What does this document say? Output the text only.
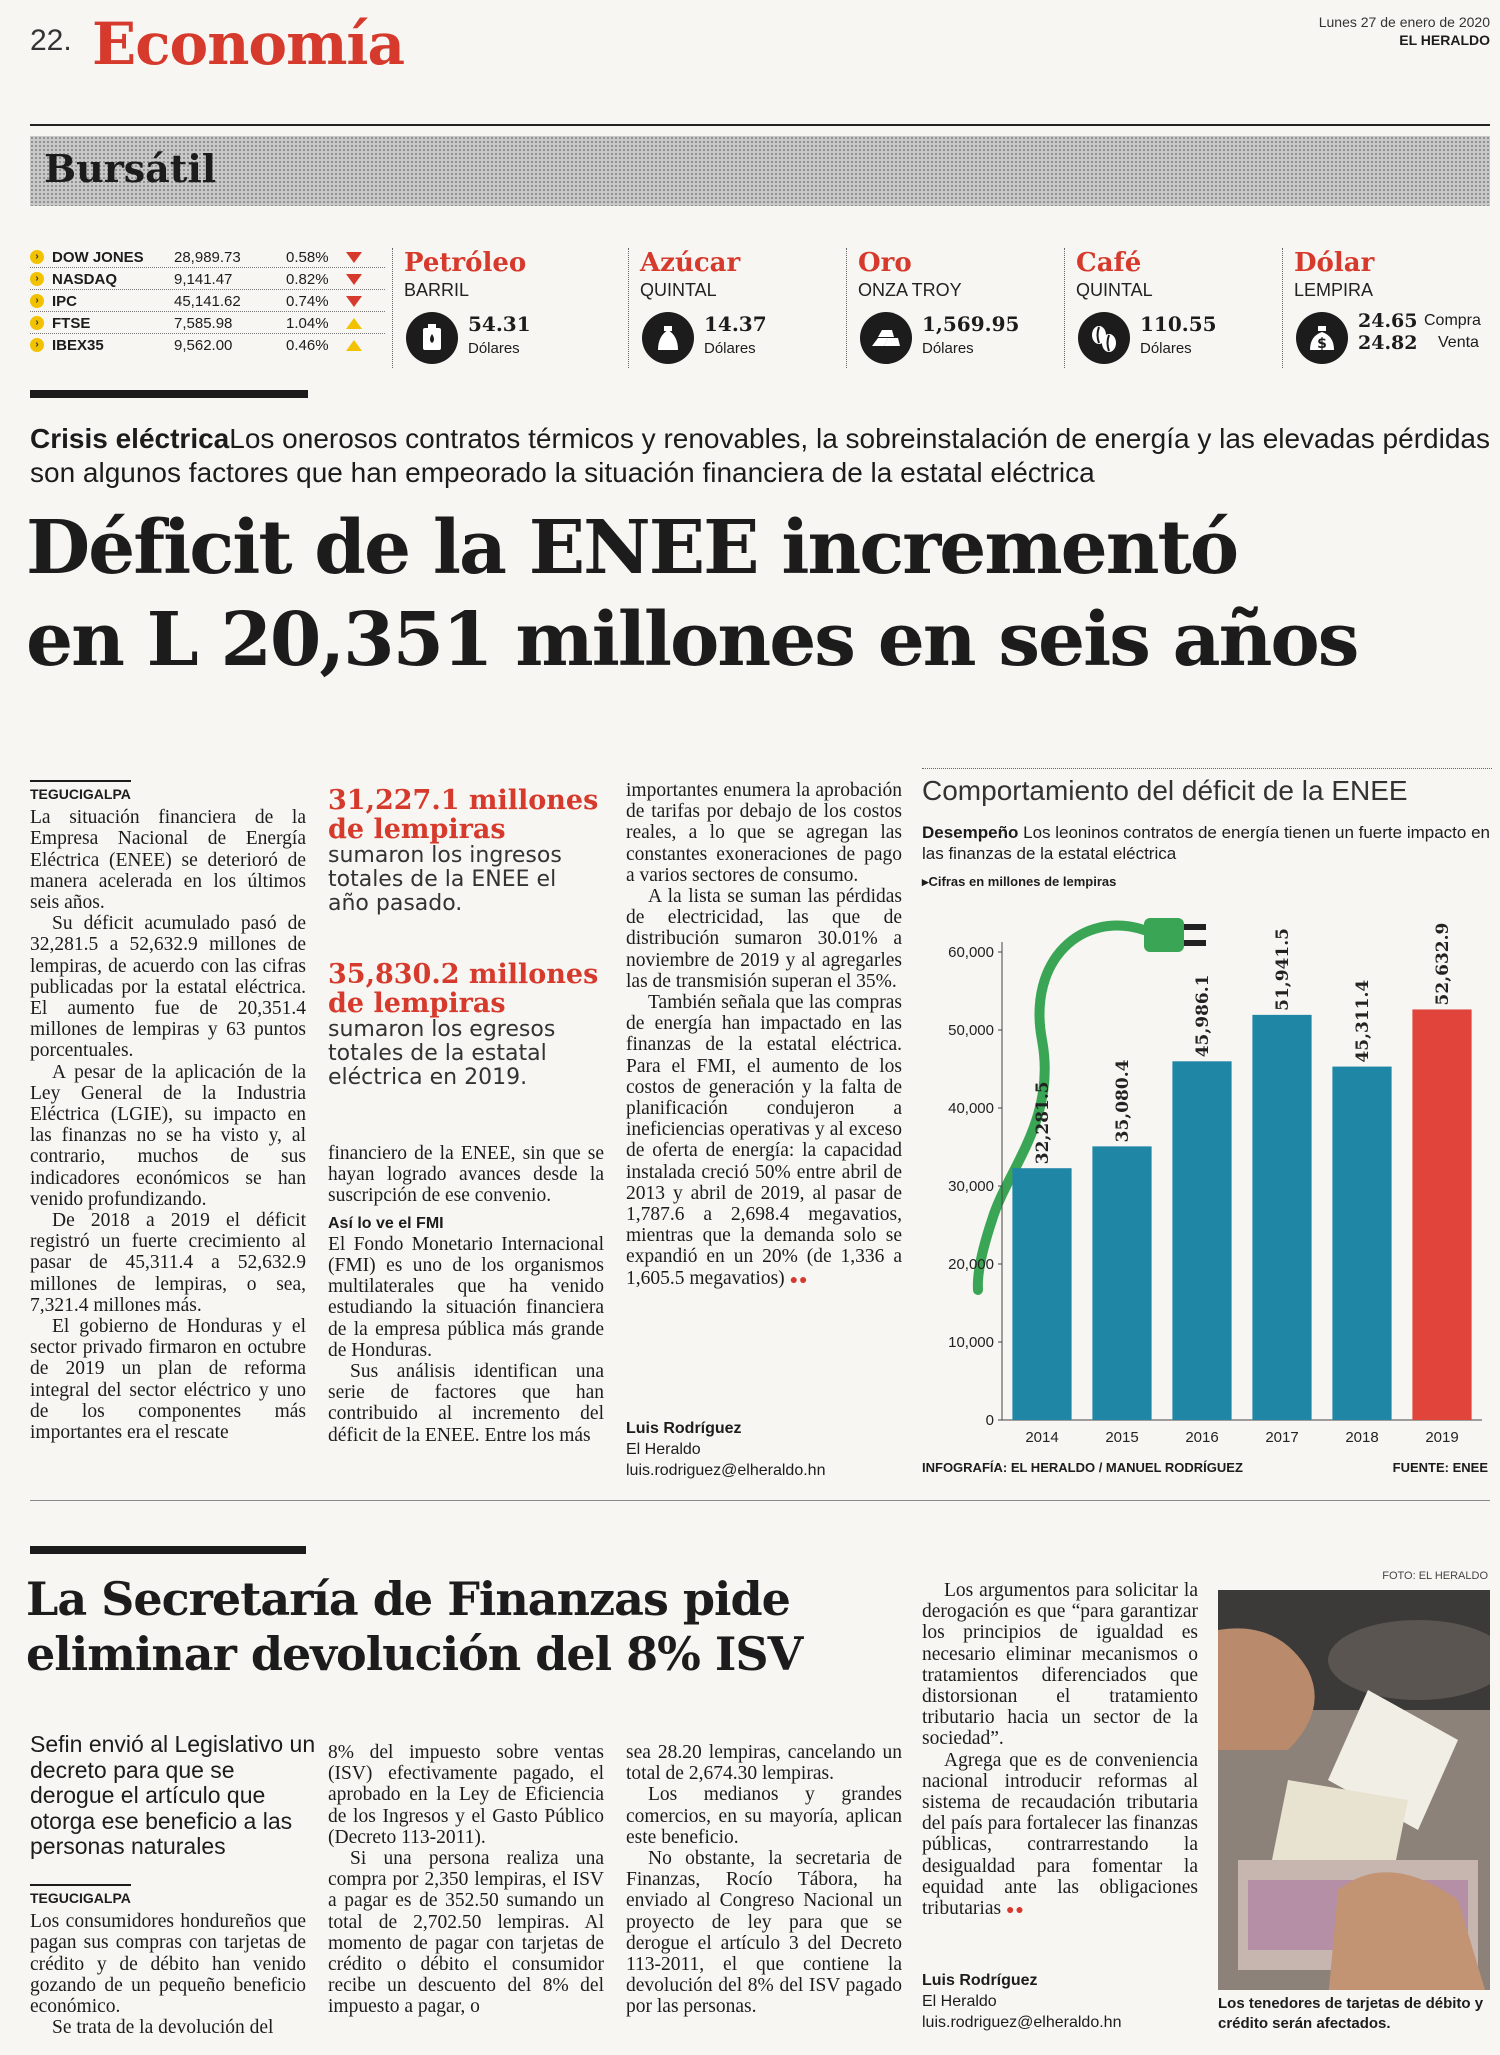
22. Economía	Lunes 27 de enero de 2020
EL HERALDO
Bursátil
› DOW JONES	28,989.73	0.58%
› NASDAQ	9,141.47	0.82%
› IPC	45,141.62	0.74%
› FTSE	7,585.98	1.04%
› IBEX35	9,562.00	0.46%
Petróleo
BARRIL
54.31
Dólares
Azúcar
QUINTAL
14.37
Dólares
Oro
ONZA TROY
1,569.95
Dólares
Café
QUINTAL
110.55
Dólares
Dólar
LEMPIRA
$
24.65 Compra
24.82 Venta
Crisis eléctricaLos onerosos contratos térmicos y renovables, la sobreinstalación de energía y las elevadas pérdidas son algunos factores que han empeorado la situación financiera de la estatal eléctrica
Déficit de la ENEE incrementó
en L 20,351 millones en seis años
TEGUCIGALPA

La situación financiera de la Empresa Nacional de Energía Eléctrica (ENEE) se deterioró de manera acelerada en los últimos seis años.

Su déficit acumulado pasó de 32,281.5 a 52,632.9 millones de lempiras, de acuerdo con las cifras publicadas por la estatal eléctrica. El aumento fue de 20,351.4 millones de lempiras y 63 puntos porcentuales.

A pesar de la aplicación de la Ley General de la Industria Eléctrica (LGIE), su impacto en las finanzas no se ha visto y, al contrario, muchos de sus indicadores económicos se han venido profundizando.

De 2018 a 2019 el déficit registró un fuerte crecimiento al pasar de 45,311.4 a 52,632.9 millones de lempiras, o sea, 7,321.4 millones más.

El gobierno de Honduras y el sector privado firmaron en octubre de 2019 un plan de reforma integral del sector eléctrico y uno de los componentes más importantes era el rescate

31,227.1 millones de lempiras
sumaron los ingresos totales de la ENEE el año pasado.
35,830.2 millones de lempiras
sumaron los egresos totales de la estatal eléctrica en 2019.

financiero de la ENEE, sin que se hayan logrado avances desde la suscripción de ese convenio.

Así lo ve el FMI

El Fondo Monetario Internacional (FMI) es uno de los organismos multilaterales que ha venido estudiando la situación financiera de la empresa pública más grande de Honduras.

Sus análisis identifican una serie de factores que han contribuido al incremento del déficit de la ENEE. Entre los más

importantes enumera la aprobación de tarifas por debajo de los costos reales, a lo que se agregan las constantes exoneraciones de pago a varios sectores de consumo.

A la lista se suman las pérdidas de electricidad, las que de distribución sumaron 30.01% a noviembre de 2019 y al agregarles las de transmisión superan el 35%.

También señala que las compras de energía han impactado en las finanzas de la estatal eléctrica. Para el FMI, el aumento de los costos de generación y la falta de planificación condujeron a ineficiencias operativas y al exceso de oferta de energía: la capacidad instalada creció 50% entre abril de 2013 y abril de 2019, al pasar de 1,787.6 a 2,698.4 megavatios, mientras que la demanda solo se expandió en un 20% (de 1,336 a 1,605.5 megavatios) ●●

Luis Rodríguez
El Heraldo
luis.rodriguez@elheraldo.hn
Comportamiento del déficit de la ENEE
Desempeño Los leoninos contratos de energía tienen un fuerte impacto en las finanzas de la estatal eléctrica
▸Cifras en millones de lempiras
0
10,000
20,000
30,000
40,000
50,000
60,000
32,281.5
2014
35,080.4
2015
45,986.1
2016
51,941.5
2017
45,311.4
2018
52,632.9
2019
INFOGRAFÍA: EL HERALDO / MANUEL RODRÍGUEZ	FUENTE: ENEE
La Secretaría de Finanzas pide
eliminar devolución del 8% ISV
Sefin envió al Legislativo un decreto para que se derogue el artículo que otorga ese beneficio a las personas naturales
TEGUCIGALPA

Los consumidores hondureños que pagan sus compras con tarjetas de crédito y de débito han venido gozando de un pequeño beneficio económico.

Se trata de la devolución del

8% del impuesto sobre ventas (ISV) efectivamente pagado, el aprobado en la Ley de Eficiencia de los Ingresos y el Gasto Público (Decreto 113-2011).

Si una persona realiza una compra por 2,350 lempiras, el ISV a pagar es de 352.50 sumando un total de 2,702.50 lempiras. Al momento de pagar con tarjetas de crédito o débito el consumidor recibe un descuento del 8% del impuesto a pagar, o

sea 28.20 lempiras, cancelando un total de 2,674.30 lempiras.

Los medianos y grandes comercios, en su mayoría, aplican este beneficio.

No obstante, la secretaria de Finanzas, Rocío Tábora, ha enviado al Congreso Nacional un proyecto de ley para que se derogue el artículo 3 del Decreto 113-2011, el que contiene la devolución del 8% del ISV pagado por las personas.

Los argumentos para solicitar la derogación es que “para garantizar los principios de igualdad es necesario eliminar mecanismos o tratamientos diferenciados que distorsionan el tratamiento tributario hacia un sector de la sociedad”.

Agrega que es de conveniencia nacional introducir reformas al sistema de recaudación tributaria del país para fortalecer las finanzas públicas, contrarrestando la desigualdad para fomentar la equidad ante las obligaciones tributarias ●●

Luis Rodríguez
El Heraldo
luis.rodriguez@elheraldo.hn
FOTO: EL HERALDO
Los tenedores de tarjetas de débito y crédito serán afectados.
